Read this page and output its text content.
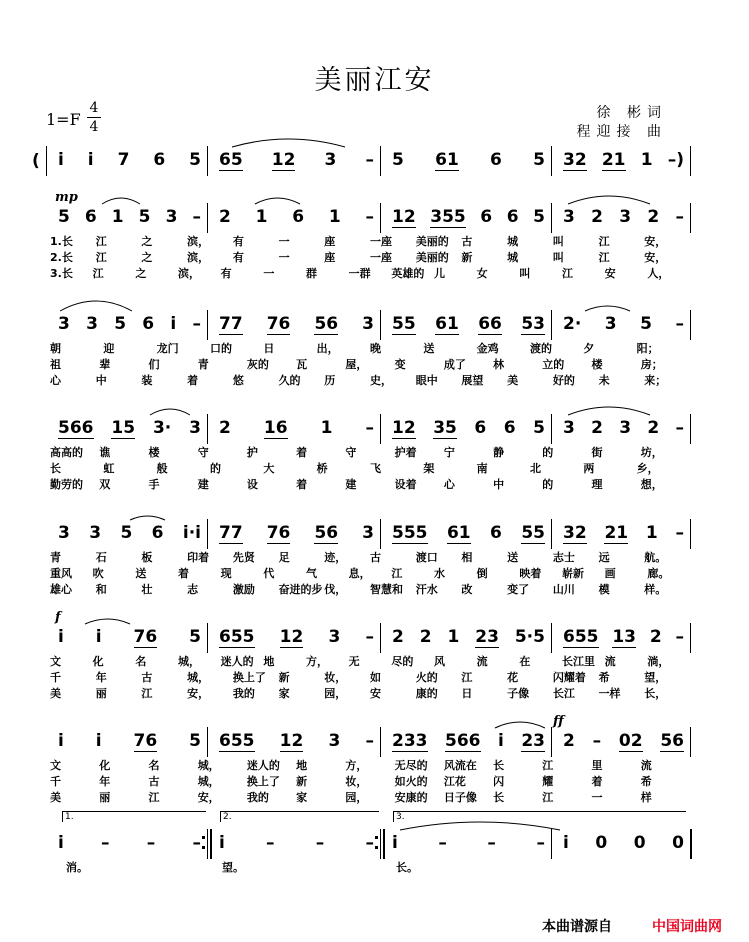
美丽江安
1=F
4
4
徐 彬词
程迎接 曲
( i i 7 6 5 65 12 3 – 5 61 6 5 32 21 1 –)
mp
5 6 1 5 3 – 2 1 6 1 – 12 355 6 6 5 3 2 3 2 –
1.长 江	之	滨， 有	一	座	一座 美丽的 古	城	叫	江	安，
2.长 江	之	滨， 有	一	座	一座 美丽的 新	城	叫	江	安，
3.长 江	之	滨， 有	一	群	一群 英雄的 儿	女	叫	江	安	人，
3 3 5 6 i – 77 76 56 3 55 61 66 53 2· 3 5 –
朝	迎	龙门	口的	日	出，	晚	送	金鸡	渡的	夕	阳；
祖	辈	们	青	灰的 瓦	屋， 变	成了 林	立的 楼	房；
心	中	装	着	悠	久的 历	史， 眼中 展望 美	好的 未	来；
566 15 3· 3 2 16 1 – 12 35 6 6 5 3 2 3 2 –
高高的 谯	楼	守	护	着	守	护着 宁	静	的	街	坊，
长	虹	般	的	大	桥	飞	架	南	北	两	乡，
勤劳的 双	手	建	设	着	建	设着 心	中	的	理	想，
3 3 5 6 i·i 77 76 56 3 555 61 6 55 32 21 1 –
青	石	板	印着 先贤 足	迹， 古	渡口 相	送	志士 远	航。
重风 吹	送	着	现	代	气	息， 江	水	倒	映着 崭新 画	廊。
雄心 和	壮	志	激励 奋进的步 伐， 智慧和 汗水 改	变了 山川 模	样。
f
i i 76 5 655 12 3 – 2 2 1 23 5·5 655 13 2 –
文	化	名	城， 迷人的 地	方， 无	尽的 风	流	在	长江里 流	淌，
千	年	古	城， 换上了 新	妆， 如	火的 江	花	闪耀着 希	望，
美	丽	江	安， 我的 家	园， 安	康的 日	子像 长江 一样 长，
ff
i i 76 5 655 12 3 – 233 566 i 23 2 – 02 56
文	化	名	城， 迷人的 地	方， 无尽的 风流在 长	江	里	流
千	年	古	城， 换上了 新	妆， 如火的 江花 闪	耀	着	希
美	丽	江	安， 我的 家	园， 安康的 日子像 长	江	一	样
1.	2.	3.
i – – – i – – – i – – – i 0 0 0
消。	望。	长。
本曲谱源自	中国词曲网
